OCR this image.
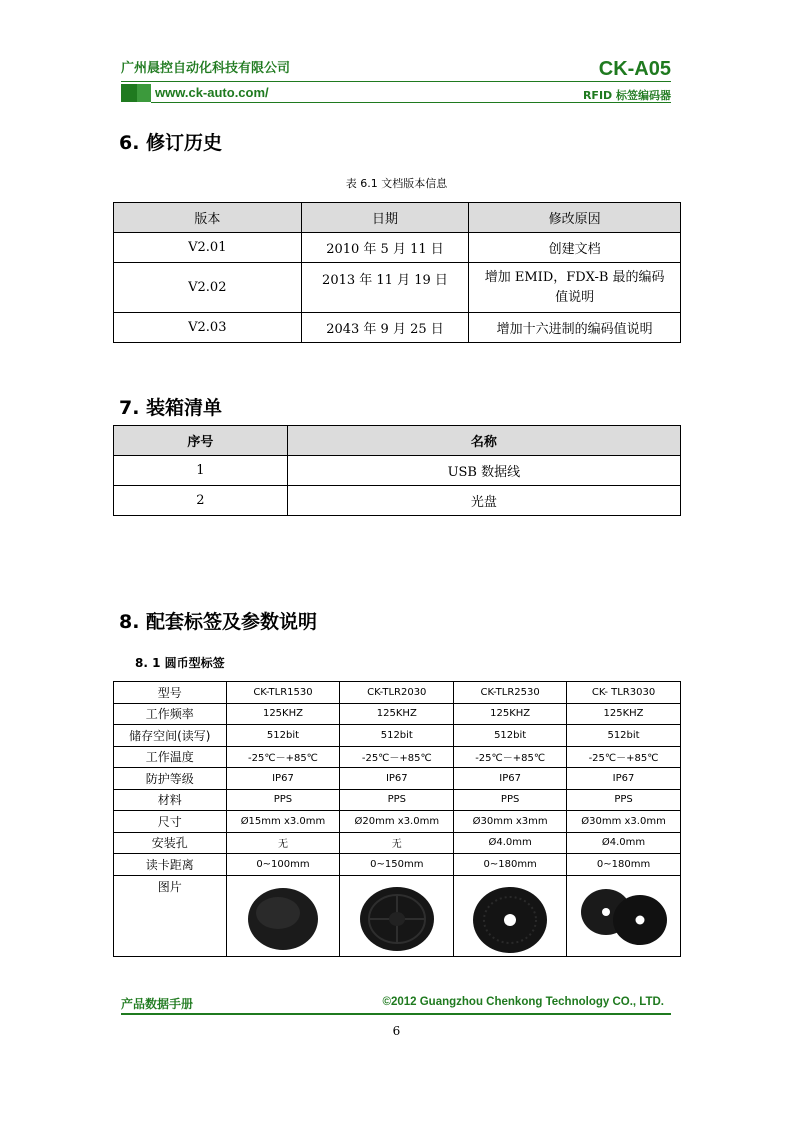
广州晨控自动化科技有限公司	CK-A05
www.ck-auto.com/	RFID 标签编码器
6. 修订历史
表 6.1 文档版本信息
版本	日期	修改原因
V2.01	2010 年 5 月 11 日	创建文档
V2.02	2013 年 11 月 19 日	增加 EMID，FDX-B 最的编码值说明
V2.03	2043 年 9 月 25 日	增加十六进制的编码值说明
7. 装箱清单
序号	名称
1	USB 数据线
2	光盘
8. 配套标签及参数说明
8. 1 圆币型标签
型号	CK-TLR1530	CK-TLR2030	CK-TLR2530	CK- TLR3030
工作频率	125KHZ	125KHZ	125KHZ	125KHZ
储存空间(读写)	512bit	512bit	512bit	512bit
工作温度	-25℃－+85℃	-25℃－+85℃	-25℃－+85℃	-25℃－+85℃
防护等级	IP67	IP67	IP67	IP67
材料	PPS	PPS	PPS	PPS
尺寸	Ø15mm x3.0mm	Ø20mm x3.0mm	Ø30mm x3mm	Ø30mm x3.0mm
安装孔	无	无	Ø4.0mm	Ø4.0mm
读卡距离	0~100mm	0~150mm	0~180mm	0~180mm
图片	

产品数据手册	©2012 Guangzhou Chenkong Technology CO., LTD.
6
